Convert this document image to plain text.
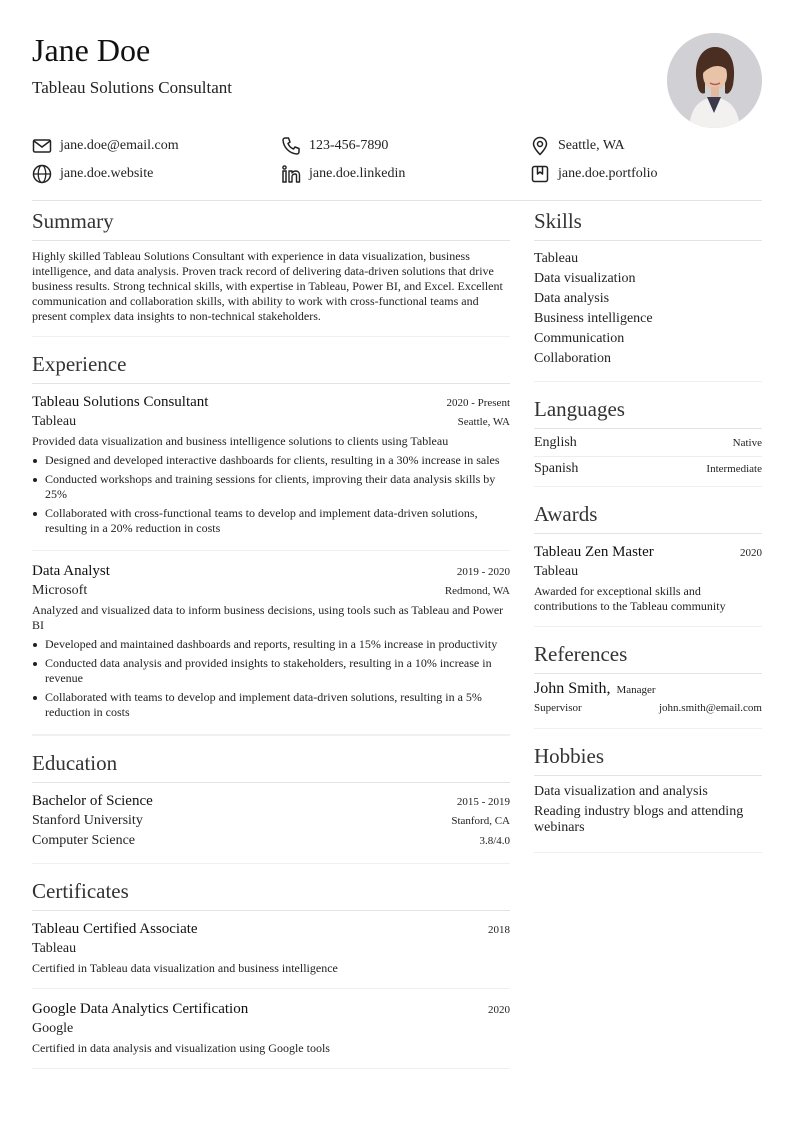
Jane Doe
Tableau Solutions Consultant
jane.doe@email.com	123-456-7890	Seattle, WA
jane.doe.website	jane.doe.linkedin	jane.doe.portfolio
Summary
Highly skilled Tableau Solutions Consultant with experience in data visualization, business intelligence, and data analysis. Proven track record of delivering data-driven solutions that drive business results. Strong technical skills, with expertise in Tableau, Power BI, and Excel. Excellent communication and collaboration skills, with ability to work with cross-functional teams and present complex data insights to non-technical stakeholders.
Experience
Tableau Solutions Consultant	2020 - Present
Tableau	Seattle, WA
Provided data visualization and business intelligence solutions to clients using Tableau
Designed and developed interactive dashboards for clients, resulting in a 30% increase in sales
Conducted workshops and training sessions for clients, improving their data analysis skills by 25%
Collaborated with cross-functional teams to develop and implement data-driven solutions, resulting in a 20% reduction in costs
Data Analyst	2019 - 2020
Microsoft	Redmond, WA
Analyzed and visualized data to inform business decisions, using tools such as Tableau and Power BI
Developed and maintained dashboards and reports, resulting in a 15% increase in productivity
Conducted data analysis and provided insights to stakeholders, resulting in a 10% increase in revenue
Collaborated with teams to develop and implement data-driven solutions, resulting in a 5% reduction in costs
Education
Bachelor of Science	2015 - 2019
Stanford University	Stanford, CA
Computer Science	3.8/4.0
Certificates
Tableau Certified Associate	2018
Tableau
Certified in Tableau data visualization and business intelligence
Google Data Analytics Certification	2020
Google
Certified in data analysis and visualization using Google tools
Skills
Tableau
Data visualization
Data analysis
Business intelligence
Communication
Collaboration
Languages
English	Native
Spanish	Intermediate
Awards
Tableau Zen Master	2020
Tableau
Awarded for exceptional skills and contributions to the Tableau community
References
John Smith, Manager
Supervisor	john.smith@email.com
Hobbies
Data visualization and analysis
Reading industry blogs and attending webinars
